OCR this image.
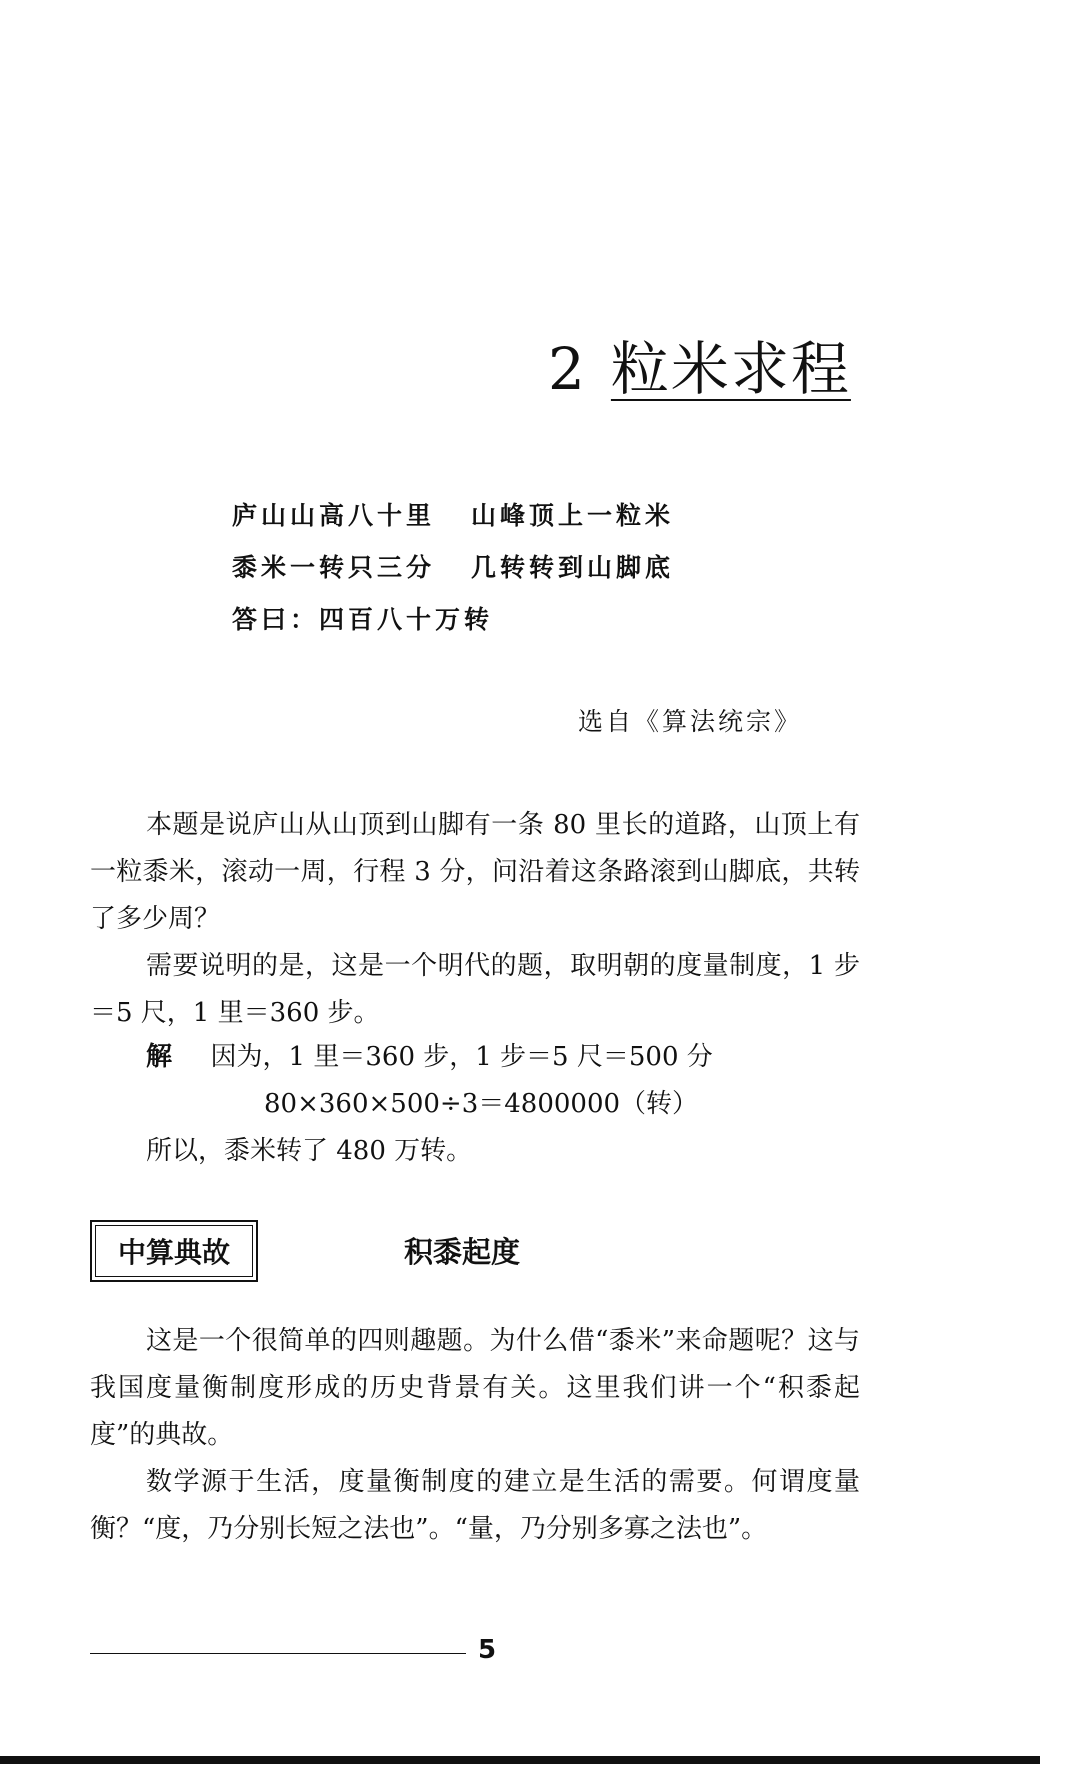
2 粒米求程
庐山山高八十里 山峰顶上一粒米
黍米一转只三分 几转转到山脚底
答曰：四百八十万转
选自《算法统宗》

本题是说庐山从山顶到山脚有一条 80 里长的道路，山顶上有一粒黍米，滚动一周，行程 3 分，问沿着这条路滚到山脚底，共转了多少周？

需要说明的是，这是一个明代的题，取明朝的度量制度，1 步＝5 尺，1 里＝360 步。

解 因为，1 里＝360 步，1 步＝5 尺＝500 分
80×360×500÷3＝4800000（转）
所以，黍米转了 480 万转。
中算典故	积黍起度

这是一个很简单的四则趣题。为什么借“黍米”来命题呢？这与我国度量衡制度形成的历史背景有关。这里我们讲一个“积黍起度”的典故。

数学源于生活，度量衡制度的建立是生活的需要。何谓度量衡？“度，乃分别长短之法也”。“量，乃分别多寡之法也”。

5
